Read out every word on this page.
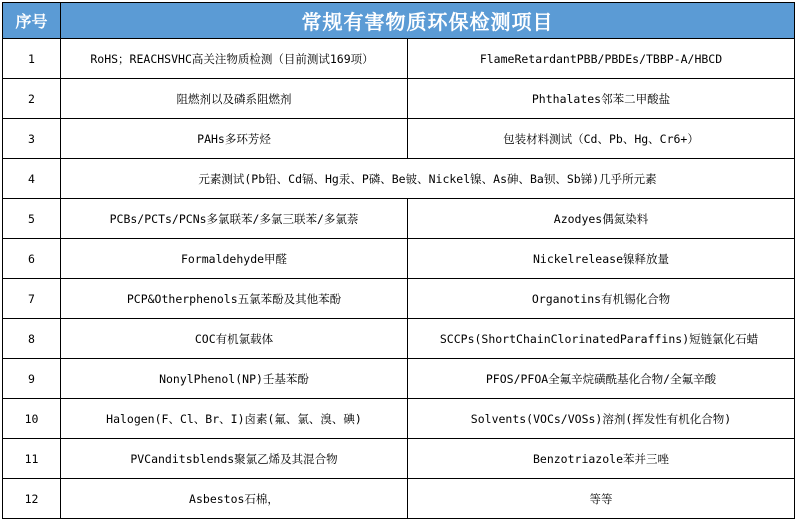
序号	常规有害物质环保检测项目	
1	RoHS；REACHSVHC高关注物质检测（目前测试169项）	FlameRetardantPBB/PBDEs/TBBP-A/HBCD
2	阻燃剂以及磷系阻燃剂	Phthalates邻苯二甲酸盐
3	PAHs多环芳烃	包装材料测试（Cd、Pb、Hg、Cr6+）
4	元素测试(Pb铅、Cd镉、Hg汞、P磷、Be铍、Nickel镍、As砷、Ba钡、Sb锑)几乎所元素	
5	PCBs/PCTs/PCNs多氯联苯/多氯三联苯/多氯萘	Azodyes偶氮染料
6	Formaldehyde甲醛	Nickelrelease镍释放量
7	PCP&Otherphenols五氯苯酚及其他苯酚	Organotins有机锡化合物
8	COC有机氯载体	SCCPs(ShortChainClorinatedParaffins)短链氯化石蜡
9	NonylPhenol(NP)壬基苯酚	PFOS/PFOA全氟辛烷磺酰基化合物/全氟辛酸
10	Halogen(F、Cl、Br、I)卤素(氟、氯、溴、碘)	Solvents(VOCs/VOSs)溶剂(挥发性有机化合物)
11	PVCanditsblends聚氯乙烯及其混合物	Benzotriazole苯并三唑
12	Asbestos石棉，	等等
